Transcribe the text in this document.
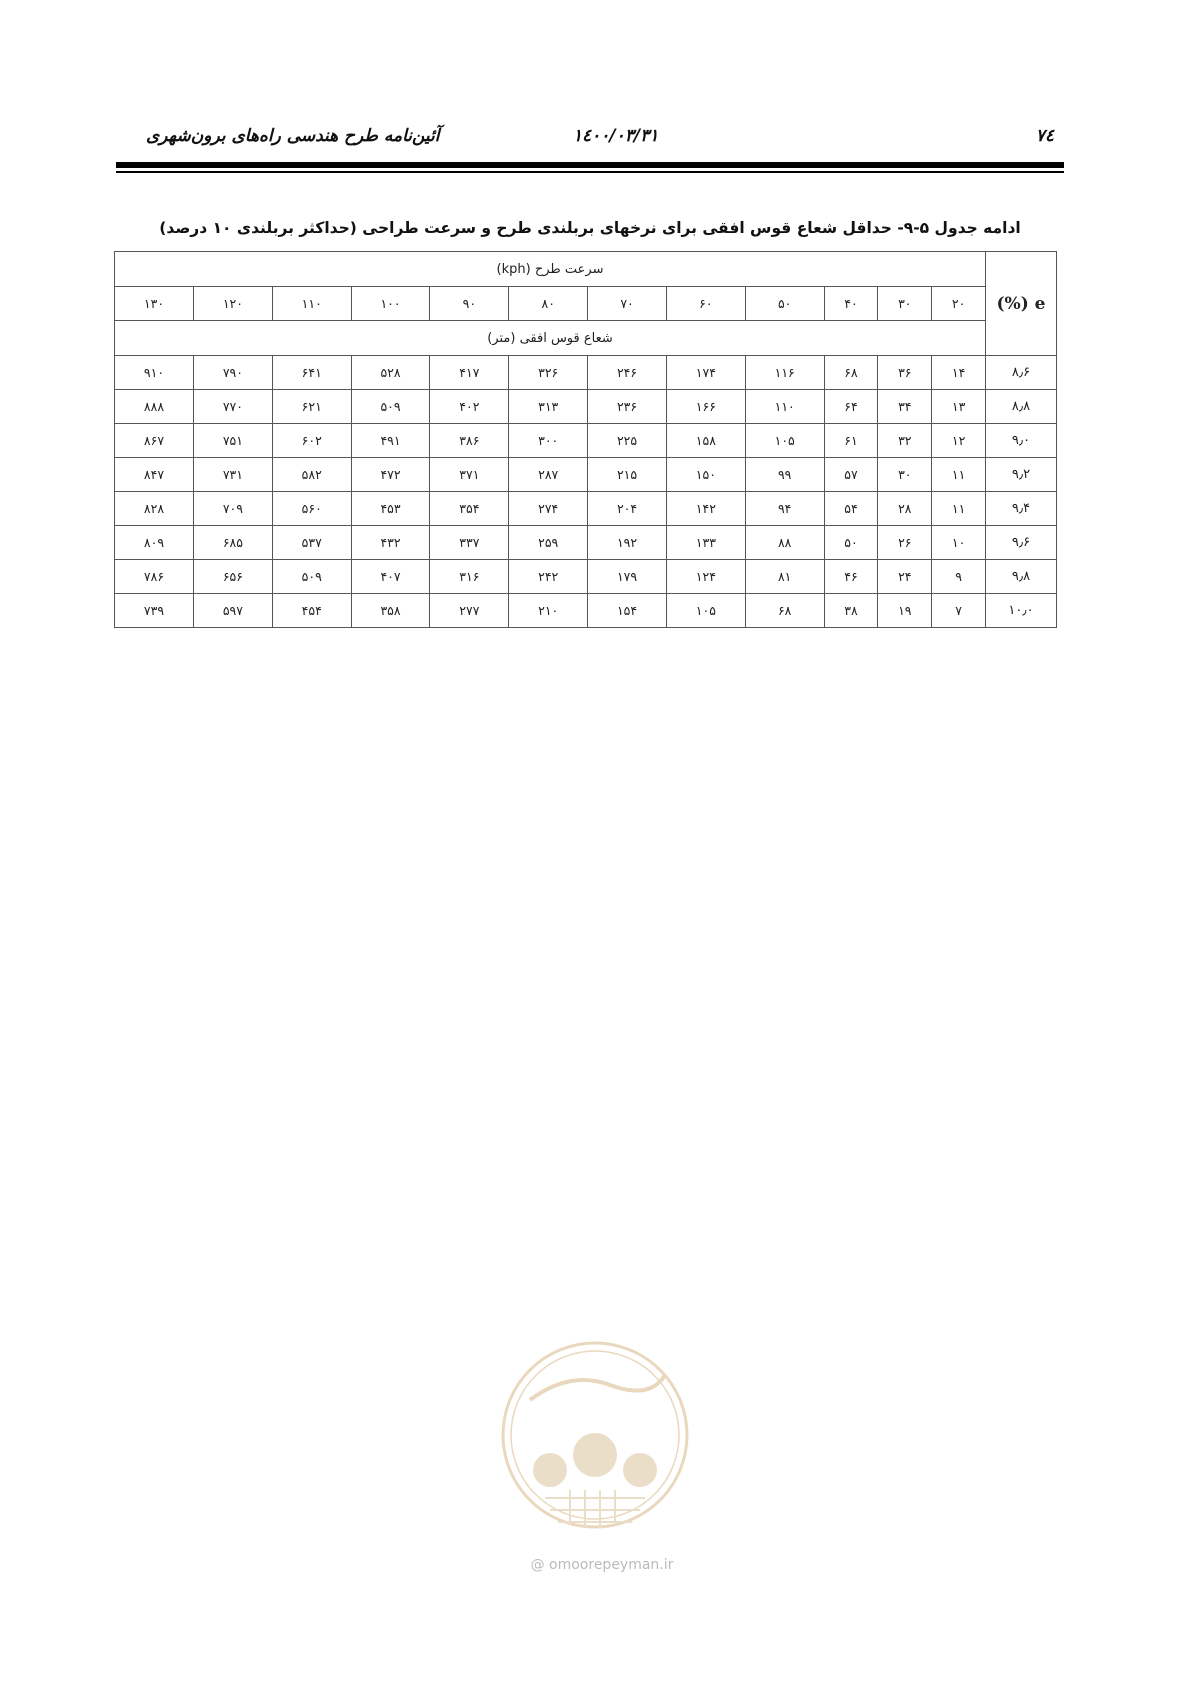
۷٤
۱٤۰۰/۰۳/۳۱
آئین‌نامه طرح هندسی راه‌های برون‌شهری
ادامه جدول ۵-۹- حداقل شعاع قوس افقی برای نرخهای بربلندی طرح و سرعت طراحی (حداکثر بربلندی ۱۰ درصد)
e (%)	سرعت طرح (kph)											
	۲۰	۳۰	۴۰	۵۰	۶۰	۷۰	۸۰	۹۰	۱۰۰	۱۱۰	۱۲۰	۱۳۰
	شعاع قوس افقی (متر)											
۸٫۶	۱۴	۳۶	۶۸	۱۱۶	۱۷۴	۲۴۶	۳۲۶	۴۱۷	۵۲۸	۶۴۱	۷۹۰	۹۱۰
۸٫۸	۱۳	۳۴	۶۴	۱۱۰	۱۶۶	۲۳۶	۳۱۳	۴۰۲	۵۰۹	۶۲۱	۷۷۰	۸۸۸
۹٫۰	۱۲	۳۲	۶۱	۱۰۵	۱۵۸	۲۲۵	۳۰۰	۳۸۶	۴۹۱	۶۰۲	۷۵۱	۸۶۷
۹٫۲	۱۱	۳۰	۵۷	۹۹	۱۵۰	۲۱۵	۲۸۷	۳۷۱	۴۷۲	۵۸۲	۷۳۱	۸۴۷
۹٫۴	۱۱	۲۸	۵۴	۹۴	۱۴۲	۲۰۴	۲۷۴	۳۵۴	۴۵۳	۵۶۰	۷۰۹	۸۲۸
۹٫۶	۱۰	۲۶	۵۰	۸۸	۱۳۳	۱۹۲	۲۵۹	۳۳۷	۴۳۲	۵۳۷	۶۸۵	۸۰۹
۹٫۸	۹	۲۴	۴۶	۸۱	۱۲۴	۱۷۹	۲۴۲	۳۱۶	۴۰۷	۵۰۹	۶۵۶	۷۸۶
۱۰٫۰	۷	۱۹	۳۸	۶۸	۱۰۵	۱۵۴	۲۱۰	۲۷۷	۳۵۸	۴۵۴	۵۹۷	۷۳۹
@ omoorepeyman.ir
